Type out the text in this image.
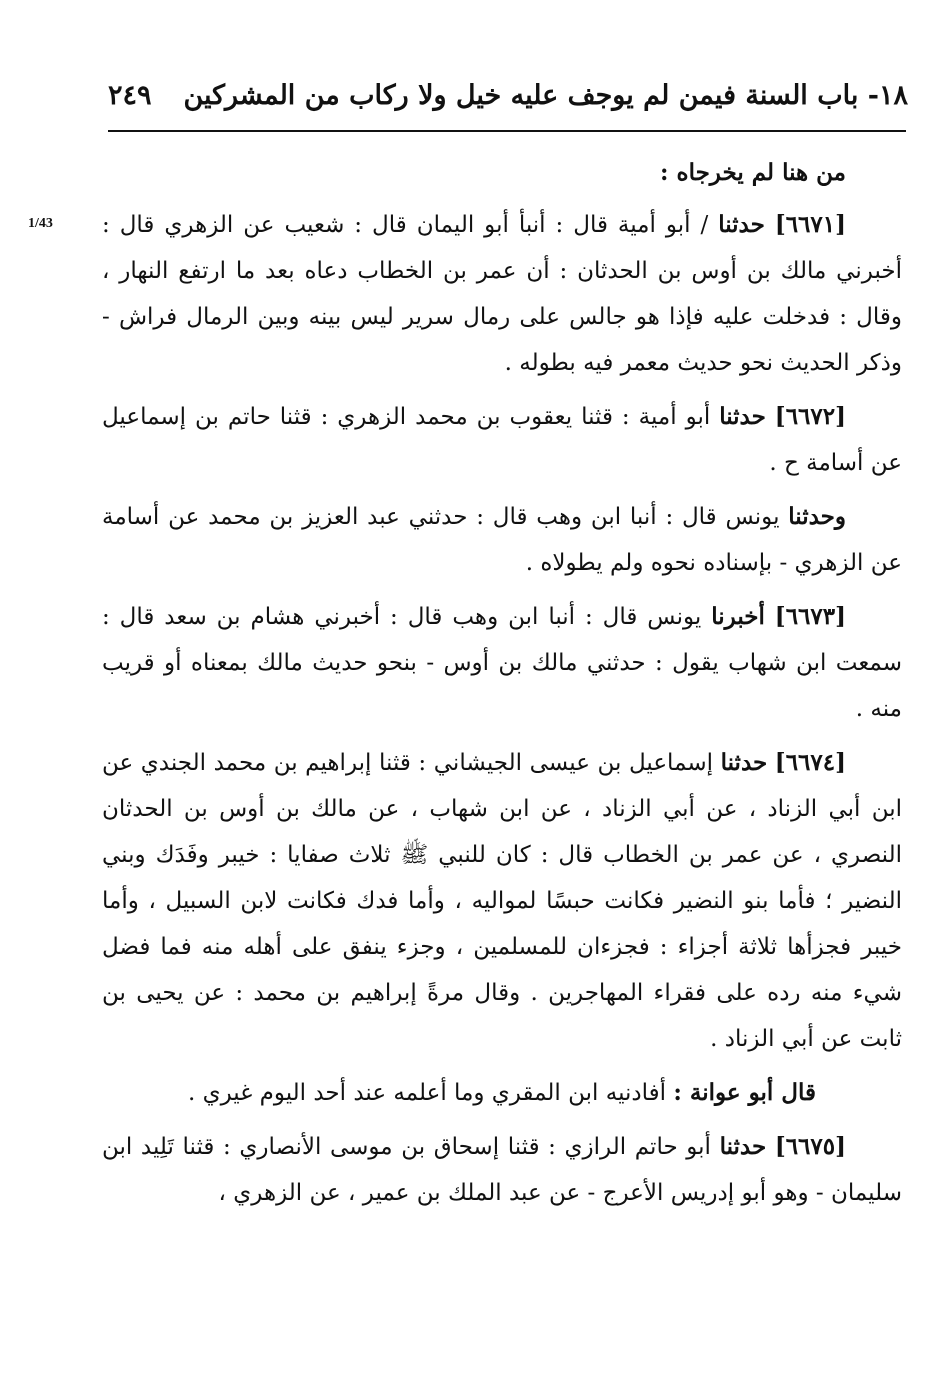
١٨- باب السنة فيمن لم يوجف عليه خيل ولا ركاب من المشركين
٢٤٩
1/43

من هنا لم يخرجاه :

[٦٦٧١] حدثنا / أبو أمية قال : أنبأ أبو اليمان قال : شعيب عن الزهري قال : أخبرني مالك بن أوس بن الحدثان : أن عمر بن الخطاب دعاه بعد ما ارتفع النهار ، وقال : فدخلت عليه فإذا هو جالس على رمال سرير ليس بينه وبين الرمال فراش - وذكر الحديث نحو حديث معمر فيه بطوله .

[٦٦٧٢] حدثنا أبو أمية : قثنا يعقوب بن محمد الزهري : قثنا حاتم بن إسماعيل عن أسامة ح .

وحدثنا يونس قال : أنبا ابن وهب قال : حدثني عبد العزيز بن محمد عن أسامة عن الزهري - بإسناده نحوه ولم يطولاه .

[٦٦٧٣] أخبرنا يونس قال : أنبا ابن وهب قال : أخبرني هشام بن سعد قال : سمعت ابن شهاب يقول : حدثني مالك بن أوس - بنحو حديث مالك بمعناه أو قريب منه .

[٦٦٧٤] حدثنا إسماعيل بن عيسى الجيشاني : قثنا إبراهيم بن محمد الجندي عن ابن أبي الزناد ، عن أبي الزناد ، عن ابن شهاب ، عن مالك بن أوس بن الحدثان النصري ، عن عمر بن الخطاب قال : كان للنبي ﷺ ثلاث صفايا : خيبر وفَدَك وبني النضير ؛ فأما بنو النضير فكانت حبسًا لمواليه ، وأما فدك فكانت لابن السبيل ، وأما خيبر فجزأها ثلاثة أجزاء : فجزءان للمسلمين ، وجزء ينفق على أهله منه فما فضل شيء منه رده على فقراء المهاجرين . وقال مرةً إبراهيم بن محمد : عن يحيى بن ثابت عن أبي الزناد .

قال أبو عوانة : أفادنيه ابن المقري وما أعلمه عند أحد اليوم غيري .

[٦٦٧٥] حدثنا أبو حاتم الرازي : قثنا إسحاق بن موسى الأنصاري : قثنا تَلِيد ابن سليمان - وهو أبو إدريس الأعرج - عن عبد الملك بن عمير ، عن الزهري ،
